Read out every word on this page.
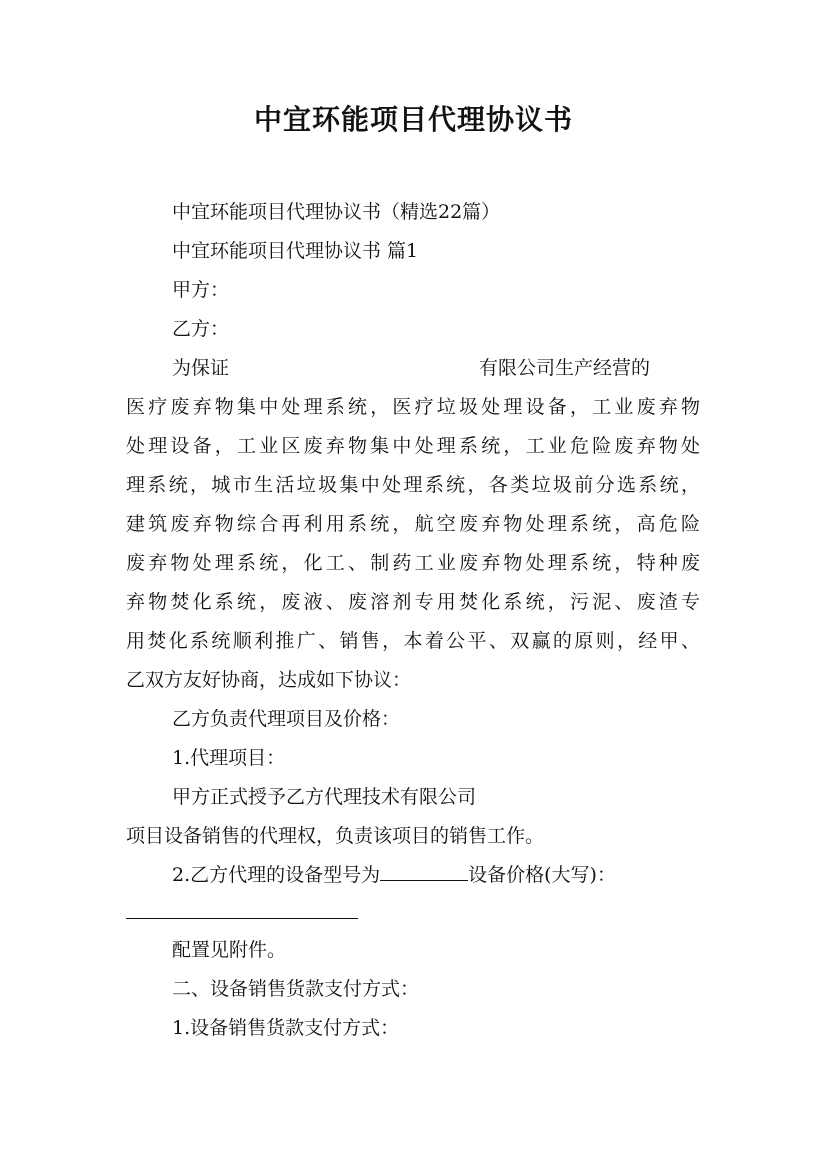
中宜环能项目代理协议书

中宜环能项目代理协议书（精选22篇）

中宜环能项目代理协议书 篇1

甲方：

乙方：

为保证	有限公司生产经营的

医疗废弃物集中处理系统，医疗垃圾处理设备，工业废弃物

处理设备，工业区废弃物集中处理系统，工业危险废弃物处

理系统，城市生活垃圾集中处理系统，各类垃圾前分选系统，

建筑废弃物综合再利用系统，航空废弃物处理系统，高危险

废弃物处理系统，化工、制药工业废弃物处理系统，特种废

弃物焚化系统，废液、废溶剂专用焚化系统，污泥、废渣专

用焚化系统顺利推广、销售，本着公平、双赢的原则，经甲、

乙双方友好协商，达成如下协议：

乙方负责代理项目及价格：

1.代理项目：

甲方正式授予乙方代理技术有限公司

项目设备销售的代理权，负责该项目的销售工作。

2.乙方代理的设备型号为	设备价格(大写)：

配置见附件。

二、设备销售货款支付方式：

1.设备销售货款支付方式：
